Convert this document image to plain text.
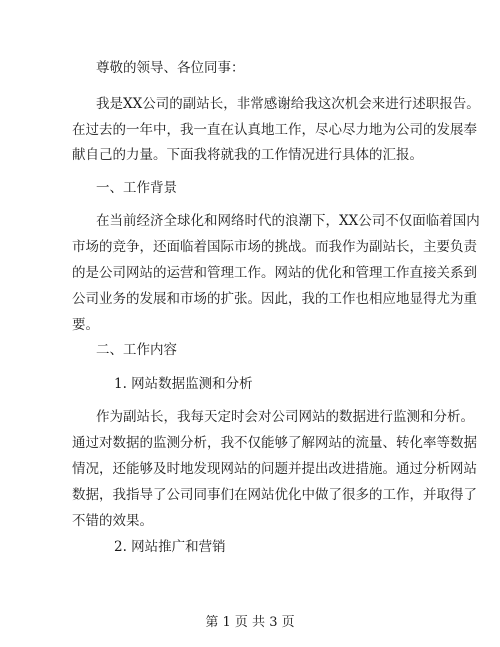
尊敬的领导、各位同事：
我是XX公司的副站长，非常感谢给我这次机会来进行述职报告。
在过去的一年中，我一直在认真地工作，尽心尽力地为公司的发展奉
献自己的力量。下面我将就我的工作情况进行具体的汇报。
一、工作背景
在当前经济全球化和网络时代的浪潮下，XX公司不仅面临着国内
市场的竞争，还面临着国际市场的挑战。而我作为副站长，主要负责
的是公司网站的运营和管理工作。网站的优化和管理工作直接关系到
公司业务的发展和市场的扩张。因此，我的工作也相应地显得尤为重
要。
二、工作内容
1. 网站数据监测和分析
作为副站长，我每天定时会对公司网站的数据进行监测和分析。
通过对数据的监测分析，我不仅能够了解网站的流量、转化率等数据
情况，还能够及时地发现网站的问题并提出改进措施。通过分析网站
数据，我指导了公司同事们在网站优化中做了很多的工作，并取得了
不错的效果。
2. 网站推广和营销
第 1 页 共 3 页
